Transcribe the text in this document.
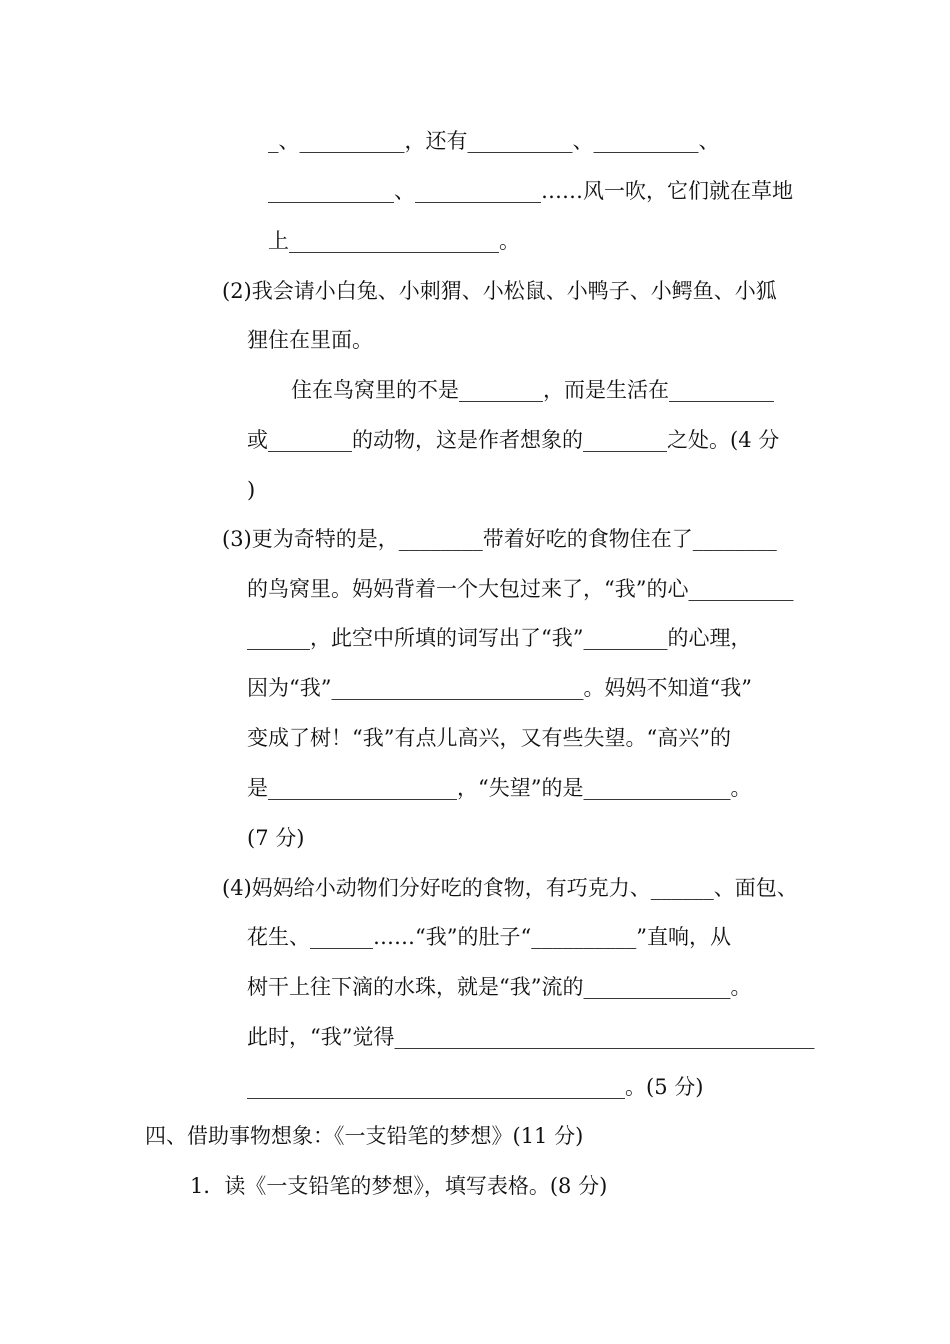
_、__________，还有__________、__________、
____________、____________……风一吹，它们就在草地
上____________________。
(2)我会请小白兔、小刺猬、小松鼠、小鸭子、小鳄鱼、小狐
狸住在里面。
住在鸟窝里的不是________，而是生活在__________
或________的动物，这是作者想象的________之处。(4 分
)
(3)更为奇特的是，________带着好吃的食物住在了________
的鸟窝里。妈妈背着一个大包过来了，“我”的心__________
______，此空中所填的词写出了“我”________的心理，
因为“我”________________________。妈妈不知道“我”
变成了树！“我”有点儿高兴，又有些失望。“高兴”的
是__________________，“失望”的是______________。
(7 分)
(4)妈妈给小动物们分好吃的食物，有巧克力、______、面包、
花生、______……“我”的肚子“__________”直响，从
树干上往下滴的水珠，就是“我”流的______________。
此时，“我”觉得________________________________________
____________________________________。(5 分)
四、借助事物想象：《一支铅笔的梦想》(11 分)
1．读《一支铅笔的梦想》，填写表格。(8 分)
